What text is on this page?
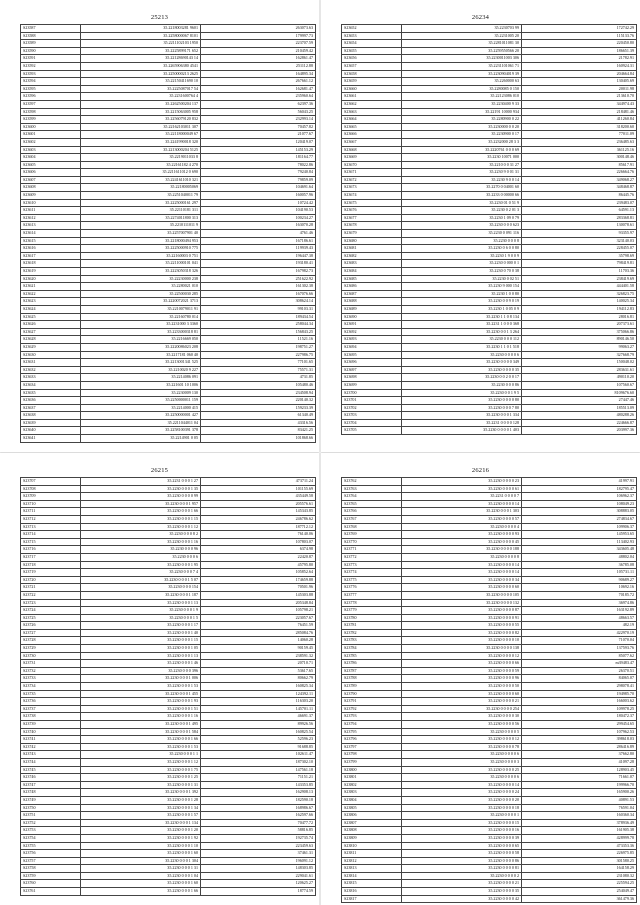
25213
S23587	35.2218003281 9601	263073.63
S23588	35.2258000067 8101	179997.73
S23589	35.2211102103 1950	223707.59
S23590	35.2225899171 652	210459.42
S23591	35.22128690143 14	162861.47
S23592	35.2265906380 4541	251112.88
S23593	35.2250000213 2625	164895.34
S23594	35.22150411690 10	267661.12
S23595	35.2225087017 54	162681.47
S23596	35.2231600764 4	235960.64
S23597	35.2262500204 137	62397.36
S23598	35.2215063005 958	56043.25
S23599	35.2256079120 832	232993.14
S23600	35.22162103011 307	70457.82
S23601	35.22118000049 67	21077.67
S23602	35.2241990018 320	120419.07
S23603	35.2213000204 5125	145153.29
S23604	35.2219011033 8	181164.77
S23605	35.22161182 4 270	78022.86
S23606	35.2211611012 0 690	79240.84
S23607	35.2241611010 321	79859.09
S23608	35.22180005069	104691.64
S23609	35.2251040011 79	160057.96
S23610	35.2225000161 297	10724.42
S23611	35.22110181 311	104190.53
S23612	35.2274011800 313	100234.27
S23613	35.2210111011 9	163070.28
S23614	35.2257007901 40	4761.46
S23615	35.2218000494 953	167186.61
S23616	35.2225000910 775	119939.43
S23617	35.22160003 0 751	196447.38
S23618	35.2211000101 041	193180.41
S23619	35.2223050318 326	167982.73
S23620	35.22230000 238	251622.92
S23621	35.2280021 010	161302.38
S23622	35.22500030 285	167076.66
S23623	35.2220072021 3713	308624.14
S23624	35.2210079011 91	99103.31
S23625	35.22160780 014	189434.54
S23626	35.2231000 3 3360	258044.34
S23627	35.2233000318 81	156843.25
S23628	35.2216669 050	11521.16
S23629	35.2220086023 208	198751.27
S23630	35.2217181 060 40	227986.75
S23631	35.2213001341 525	77101.65
S23632	35.2210020 9 227	75571.31
S23633	35.2214086 091	4731.85
S23634	35.221601 10 1006	105480.46
S23635	35.2230009 130	234508.94
S23636	35.2250000011 159	220140.32
S23637	35.2214000 415	159233.39
S23638	35.2250000001 427	61340.49
S23639	35.2211044011 04	43316.56
S23640	35.2258100391 378	83421.25
S23641	35.2214901 0 05	101868.66
26234
S23652	35.2230703 99	172742.29
S23653	35.2231005 20	115133.76
S23654	35.2281011081 30	220450.80
S23655	35.2259550566 20	186651.39
S23656	35.2230011003 306	21782.91
S23657	35.2231101061 71	160924.31
S23658	35.2230904019 39	204664.84
S23659	35.2260000 63	130405.69
S23660	35.2280085 0 150	20011.98
S23661	35.22123086 010	213610.70
S23662	35.2230400 9 33	344974.43
S23663	35.22191 10000 934	218481.46
S23664	35.2280900 0 22	411260.84
S23665	35.2230000 0 0 20	318200.60
S23666	35.2230900 0 17	77011.09
S23667	35.2232000 28 3 3	236485.63
S23668	35.2220761 0 0 0 69	361125.16
S23669	35.2230 10071 000	300148.46
S23670	35.2210 0 0 31 27	85617.91
S23671	35.2230 9 0 01 31	226664.76
S23672	35.2230 9 0 0 14	349068.27
S23673	35.2270 0 04001 60	348468.87
S23674	35.2233 0 00000 66	86445.76
S23675	35.2230 01 0 51 9	239483.07
S23676	35.2230 0 2 01 3	64591.13
S23677	35.2230 1 09 0 79	283368.81
S23678	35.2230 0 0 0 623	130078.61
S23679	35.2230 0 091 116	93355.97
S23680	35.2230 0 0 0 8	323140.03
S23681	35.2230 0 6 0 0 80	228455.07
S23682	35.2230 1 9 0 0 9	35798.69
S23683	35.2230 0 000 0 1	798419.81
S23684	35.2230 0 70 0 38	11703.36
S23685	35.2230 0 02 51	238419.69
S23686	35.2230 9 000 154	444401.58
S23687	35.2230 1 0 0 80	326823.75
S23688	35.2230 0 0 9 0 19	140025.34
S23689	35.2230 1 0 05 0 9	194112.83
S23690	35.2230 1 1 0 8 134	28016.81
S23691	35.2231 1 0 0 0 368	207373.61
S23692	35.2230 0 0 1 3 264	375066.86
S23693	35.2230 0 0 0 112	890146.50
S23694	35.2230 1 1 0 1 518	99063.27
S23695	35.2230 0 0 0 0 6	327668.79
S23696	35.2230 0 0 0 0 349	150048.02
S23697	35.2230 0 0 0 0 35	283631.61
S23698	35.2230 0 0 2 0 0 17	490110.20
S23699	35.2230 0 0 0 86	107560.67
S23700	35.2230 0 0 1 9 5	8109676.60
S23701	35.2230 0 0 0 0 80	27447.46
S23702	35.2230 0 0 0 7 80	185513.09
S23703	35.2230 0 0 0 1 334	480288.26
S23704	35.2231 0 0 0 0 128	224666.87
S23705	35.2230 0 0 0 0 1 403	203997.36
26215
S23707	35.2231 0 0 0 1 27	473711.24
S23708	35.2230 0 0 0 1 35	101155.69
S23709	35.2230 0 0 0 0 99	435449.58
S23710	35.2230 0 0 0 1 957	205576.61
S23711	35.2230 0 0 0 1 66	145343.85
S23712	35.2230 0 0 0 1 15	246786.62
S23713	35.2230 0 0 0 1 12	187712.12
S23714	35.2230 0 0 0 8 2	76140.06
S23715	35.2230 0 0 0 1 16	107803.07
S23716	35.2230 0 0 0 96	6374.98
S23717	35.2230 0 0 0 6	22420.87
S23718	35.2230 0 0 0 1 95	45795.80
S23719	35.2230 0 0 0 7 4	105852.64
S23720	35.2230 0 0 0 1 5 07	174659.88
S23721	35.2230 0 0 0 154	70501.96
S23722	35.2230 0 0 0 1 187	145303.88
S23723	35.2230 0 0 0 1 13	205348.84
S23724	35.2230 0 0 0 1 9	105798.21
S23725	35.2230 0 0 0 1 5	223057.67
S23726	35.2230 0 0 0 1 17	76451.59
S23727	35.2230 0 0 0 1 40	285084.76
S23728	35.2230 0 0 0 1 15	14060.28
S23729	35.2230 0 0 0 1 05	90159.45
S23730	35.2230 0 0 0 1 13	238591.32
S23731	35.2230 0 0 0 1 46	20710.71
S23732	35.2230 0 0 0 396	53617.65
S23733	35.2230 0 0 0 1 006	80662.79
S23734	35.2230 0 0 0 1 53	160825.34
S23735	35.2230 0 0 0 1 455	124392.11
S23736	35.2230 0 0 0 1 93	116303.20
S23737	35.2230 0 0 0 1 51	145701.11
S23738	35.2230 0 0 0 1 16	46691.37
S23739	35.2230 0 0 0 1 495	89926.56
S23740	35.2230 0 0 0 1 584	160825.54
S23741	35.2230 0 0 0 1 66	52596.23
S23742	35.2230 0 0 0 1 53	91688.85
S23743	35.2230 0 0 0 1 1	102611.47
S23744	35.2230 0 0 0 1 12	187302.10
S23745	35.2230 0 0 0 1 75	147561.18
S23746	35.2230 0 0 0 1 25	71151.21
S23747	35.2230 0 0 0 1 31	143353.85
S23748	35.2230 0 0 0 1 392	162908.13
S23749	35.2230 0 0 0 1 28	182590.18
S23750	35.2230 0 0 0 1 34	168986.67
S23751	35.2230 0 0 0 1 57	162597.66
S23752	35.2230 0 0 0 1 134	70477.72
S23753	35.2230 0 0 0 1 20	58816.85
S23754	35.2230 0 0 0 1 92	192735.74
S23755	35.2230 0 0 0 1 10	223459.63
S23756	35.2230 0 0 0 1 60	37461.31
S23757	35.2230 0 0 0 1 304	196091.12
S23758	35.2230 0 0 0 1 31	148303.85
S23759	35.2230 0 0 0 1 04	229041.61
S23760	35.2230 0 0 0 1 60	120625.27
S23761	35.2230 0 0 0 1 66	18774.59
26216
S23762	35.2230 0 0 0 0 23	41997.91
S23763	35.2230 0 0 0 0 61	182795.47
S23764	35.2231 0 0 0 0 7	106962.37
S23765	35.2230 0 0 0 0 14	108049.23
S23766	35.2230 0 0 0 1 303	308883.05
S23767	35.2230 0 0 0 0 57	274834.67
S23768	35.2230 0 0 0 0 4	109906.37
S23769	35.2230 0 0 0 0 93	145953.65
S23770	35.2230 0 0 0 0 45	113402.93
S23771	35.2230 0 0 0 0 188	343605.48
S23772	35.2230 0 0 0 0 8	48802.04
S23773	35.2230 0 0 0 0 14	36785.08
S23774	35.2230 0 0 0 0 14	105731.11
S23775	35.2230 0 0 0 0 34	90689.27
S23776	35.2230 0 0 0 0 60	10692.16
S23777	35.2230 0 0 0 0 105	70185.72
S23778	35.2230 0 0 0 0 132	36974.86
S23779	35.2230 0 0 0 0 87	163192.89
S23780	35.2230 0 0 0 0 91	48663.57
S23781	35.2230 0 0 0 0 55	482.19
S23782	35.2230 0 0 0 0 82	422970.19
S23783	35.2230 0 0 0 0 10	71070.04
S23784	35.2230 0 0 0 0 138	137593.76
S23785	35.2230 0 0 0 0 12	85077.62
S23786	35.2230 0 0 0 0 66	m39483.47
S23787	35.2230 0 0 0 0 59	26370.51
S23788	35.2230 0 0 0 0 96	84065.07
S23789	35.2230 0 0 0 0 50	298078.41
S23790	35.2230 0 0 0 0 60	194985.70
S23791	35.2230 0 0 0 0 21	166003.62
S23792	35.2230 0 0 0 0 254	109978.25
S23793	35.2230 0 0 0 0 30	180472.37
S23794	35.2230 0 0 0 0 56	299454.65
S23795	35.2230 0 0 0 0 5	107962.53
S23796	35.2230 0 0 0 0 12	398618.03
S23797	35.2230 0 0 0 0 78	286416.89
S23798	35.2230 0 0 0 0 6	37662.80
S23799	35.2230 0 0 0 0 3	41097.28
S23800	35.2230 0 0 0 0 25	128903.45
S23801	35.2230 0 0 0 0 6	71661.07
S23802	35.2230 0 0 0 0 14	199966.70
S23803	35.2230 0 0 0 0 24	165900.26
S23804	35.2230 0 0 0 0 20	40891.53
S23805	35.2230 0 0 0 0 18	76591.04
S23806	35.2230 0 0 0 0 1	160360.34
S23807	35.2230 0 0 0 0 15	378936.49
S23808	35.2230 0 0 0 0 16	161905.38
S23809	35.2230 0 0 0 0 39	428999.78
S23810	35.2230 0 0 0 0 65	473353.36
S23811	35.2230 0 0 0 0 58	226975.85
S23812	35.2230 0 0 0 0 86	301580.25
S23813	35.2230 0 0 0 0 81	164158.29
S23814	35.2230 0 0 0 0 2	231080.32
S23815	35.2230 0 0 0 0 21	225594.25
S23816	35.2230 0 0 0 0 35	254049.47
S23817	35.2230 0 0 0 0 42	361479.36
